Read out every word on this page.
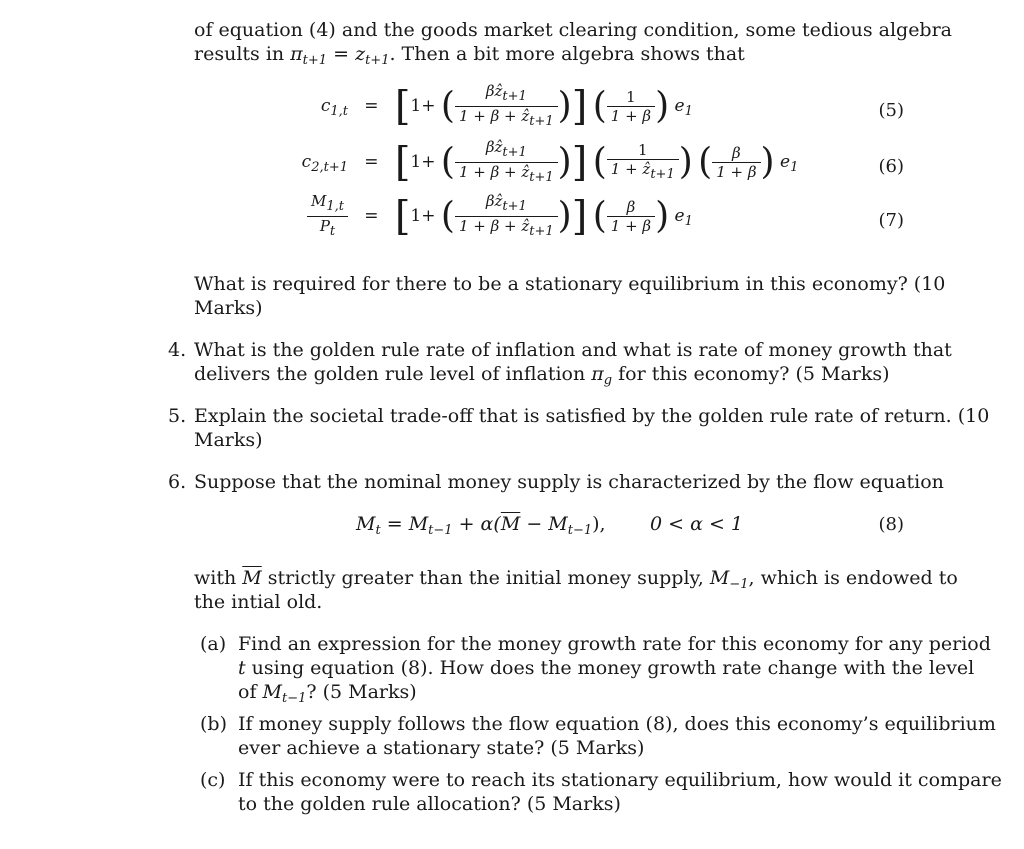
of equation (4) and the goods market clearing condition, some tedious algebra

results in $\pi_{t+1} = z_{t+1}$. Then a bit more algebra shows that

$c_{1,t} = [1+$ ( $\frac{\text{βẑt+1}}{\text{1 + β + ẑt+1}}$ )] ( $\frac{1}{1 + \beta}$ ) $e_1$	(5)
$c_{2,t+1} = [1+$ ( $\frac{\text{βẑt+1}}{\text{1 + β + ẑt+1}}$ )] ( $\frac{1}{\text{1 + ẑt+1}}$ ) ( $\frac{\beta}{1 + \beta}$ ) $e_1$	(6)
$\frac{M1,t}{Pt} = [1+$ ( $\frac{\text{βẑt+1}}{\text{1 + β + ẑt+1}}$ )] ( $\frac{\beta}{1 + \beta}$ ) $e_1$	(7)

What is required for there to be a stationary equilibrium in this economy? (10

Marks)

4. What is the golden rule rate of inflation and what is rate of money growth that

delivers the golden rule level of inflation $\pi_g$ for this economy? (5 Marks)

5. Explain the societal trade-off that is satisfied by the golden rule rate of return. (10

Marks)

6. Suppose that the nominal money supply is characterized by the flow equation

$M_t = M_{t-1} + \alpha(\overline{M} - M_{t-1})$, 0 < α < 1	(8)

with $\overline{M}$ strictly greater than the initial money supply, $M_{-1}$, which is endowed to

the intial old.

(a) Find an expression for the money growth rate for this economy for any period

t using equation (8). How does the money growth rate change with the level

of $M_{t-1}$? (5 Marks)

(b) If money supply follows the flow equation (8), does this economy’s equilibrium

ever achieve a stationary state? (5 Marks)

(c) If this economy were to reach its stationary equilibrium, how would it compare

to the golden rule allocation? (5 Marks)
